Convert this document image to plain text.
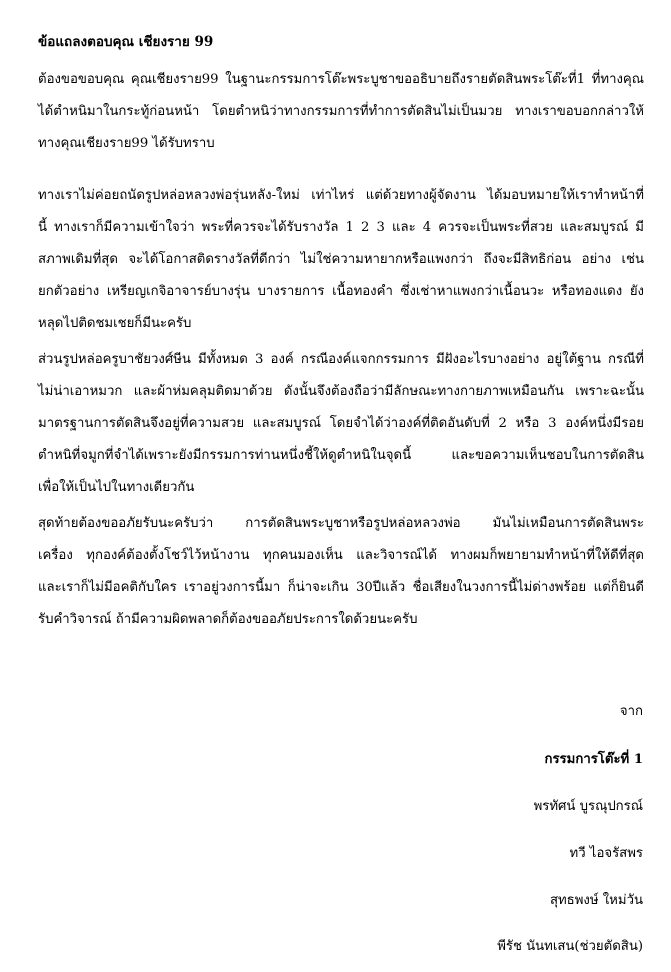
ข้อแถลงตอบคุณ เชียงราย 99
ต้องขอขอบคุณ คุณเชียงราย99 ในฐานะกรรมการโต๊ะพระบูชาขออธิบายถึงรายตัดสินพระโต๊ะที่1 ที่ทางคุณ
ได้ตำหนิมาในกระทู้ก่อนหน้า โดยตำหนิว่าทางกรรมการที่ทำการตัดสินไม่เป็นมวย ทางเราขอบอกกล่าวให้
ทางคุณเชียงราย99 ได้รับทราบ
ทางเราไม่ค่อยถนัดรูปหล่อหลวงพ่อรุ่นหลัง-ใหม่ เท่าไหร่ แต่ด้วยทางผู้จัดงาน ได้มอบหมายให้เราทำหน้าที่
นี้ ทางเราก็มีความเข้าใจว่า พระที่ควรจะได้รับรางวัล 1 2 3 และ 4 ควรจะเป็นพระที่สวย และสมบูรณ์ มี
สภาพเดิมที่สุด จะได้โอกาสติดรางวัลที่ดีกว่า ไม่ใช่ความหายากหรือแพงกว่า ถึงจะมีสิทธิก่อน อย่าง เช่น
ยกตัวอย่าง เหรียญเกจิอาจารย์บางรุ่น บางรายการ เนื้อทองคำ ซึ่งเช่าหาแพงกว่าเนื้อนวะ หรือทองแดง ยัง
หลุดไปติดชมเชยก็มีนะครับ
ส่วนรูปหล่อครูบาชัยวงศ์ษีน มีทั้งหมด 3 องค์ กรณีองค์แจกกรรมการ มีฝังอะไรบางอย่าง อยู่ใต้ฐาน กรณีที่
ไม่น่าเอาหมวก และผ้าห่มคลุมติดมาด้วย ดังนั้นจึงต้องถือว่ามีลักษณะทางกายภาพเหมือนกัน เพราะฉะนั้น
มาตรฐานการตัดสินจึงอยู่ที่ความสวย และสมบูรณ์ โดยจำได้ว่าองค์ที่ติดอันดับที่ 2 หรือ 3 องค์หนึ่งมีรอย
ตำหนิที่จมูกที่จำได้เพราะยังมีกรรมการท่านหนึ่งชี้ให้ดูตำหนิในจุดนี้ และขอความเห็นชอบในการตัดสิน
เพื่อให้เป็นไปในทางเดียวกัน
สุดท้ายต้องขออภัยรับนะครับว่า การตัดสินพระบูชาหรือรูปหล่อหลวงพ่อ มันไม่เหมือนการตัดสินพระ
เครื่อง ทุกองค์ต้องตั้งโชว์ไว้หน้างาน ทุกคนมองเห็น และวิจารณ์ได้ ทางผมก็พยายามทำหน้าที่ให้ดีที่สุด
และเราก็ไม่มีอคติกับใคร เราอยู่วงการนี้มา ก็น่าจะเกิน 30ปีแล้ว ชื่อเสียงในวงการนี้ไม่ด่างพร้อย แต่ก็ยินดี
รับคำวิจารณ์ ถ้ามีความผิดพลาดก็ต้องขออภัยประการใดด้วยนะครับ
จาก
กรรมการโต๊ะที่ 1
พรทัศน์ บูรณุปกรณ์
ทวี ไอจรัสพร
สุทธพงษ์ ใหม่วัน
พีรัช นันทเสน(ช่วยตัดสิน)
